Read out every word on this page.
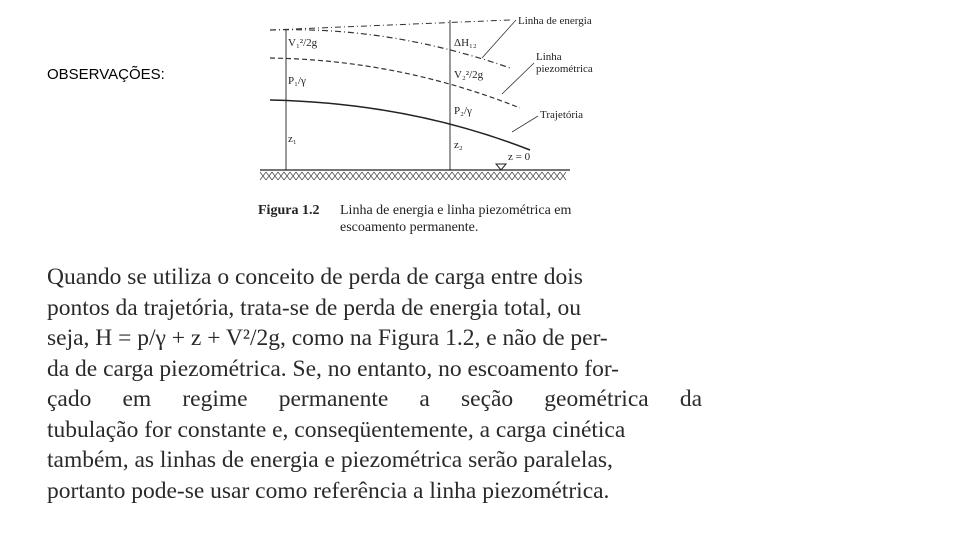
OBSERVAÇÕES:
Linha de energia
Linha
piezométrica
Trajetória
V₁²/2g
P₁/γ
z₁
ΔH₁₂
V₂²/2g
P₂/γ
z₂
z = 0
Figura 1.2 Linha de energia e linha piezométrica em escoamento permanente.
Quando se utiliza o conceito de perda de carga entre dois
pontos da trajetória, trata-se de perda de energia total, ou
seja, H = p/γ + z + V²/2g, como na Figura 1.2, e não de per-
da de carga piezométrica. Se, no entanto, no escoamento for-
çado em regime permanente a seção geométrica da
tubulação for constante e, conseqüentemente, a carga cinética
também, as linhas de energia e piezométrica serão paralelas,
portanto pode-se usar como referência a linha piezométrica.
